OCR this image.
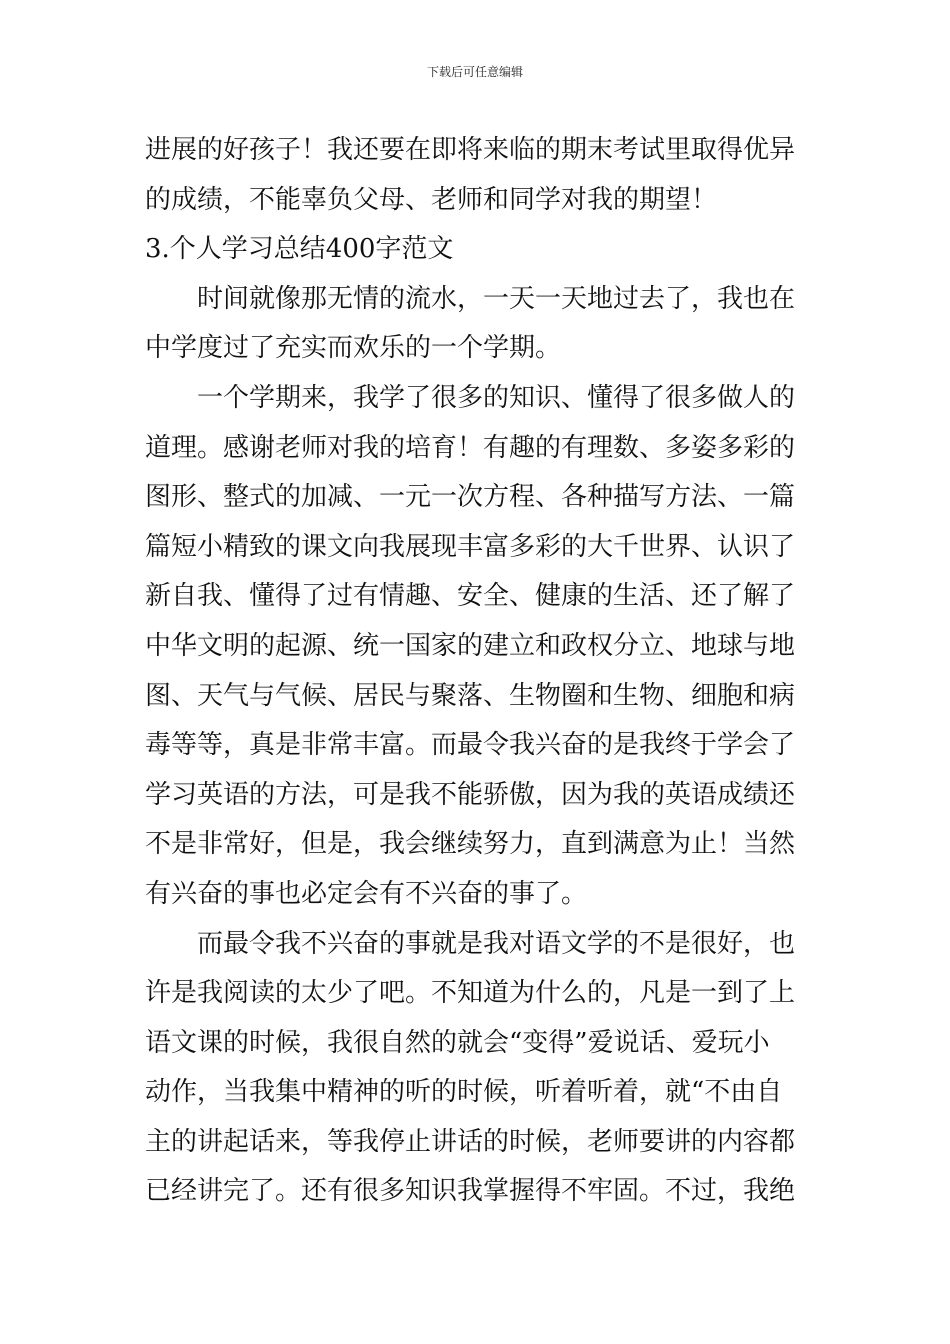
下载后可任意编辑
进展的好孩子！我还要在即将来临的期末考试里取得优异
的成绩，不能辜负父母、老师和同学对我的期望！
3.个人学习总结400字范文
时间就像那无情的流水，一天一天地过去了，我也在
中学度过了充实而欢乐的一个学期。
一个学期来，我学了很多的知识、懂得了很多做人的
道理。感谢老师对我的培育！有趣的有理数、多姿多彩的
图形、整式的加减、一元一次方程、各种描写方法、一篇
篇短小精致的课文向我展现丰富多彩的大千世界、认识了
新自我、懂得了过有情趣、安全、健康的生活、还了解了
中华文明的起源、统一国家的建立和政权分立、地球与地
图、天气与气候、居民与聚落、生物圈和生物、细胞和病
毒等等，真是非常丰富。而最令我兴奋的是我终于学会了
学习英语的方法，可是我不能骄傲，因为我的英语成绩还
不是非常好，但是，我会继续努力，直到满意为止！当然
有兴奋的事也必定会有不兴奋的事了。
而最令我不兴奋的事就是我对语文学的不是很好，也
许是我阅读的太少了吧。不知道为什么的，凡是一到了上
语文课的时候，我很自然的就会“变得”爱说话、爱玩小
动作，当我集中精神的听的时候，听着听着，就“不由自
主的讲起话来，等我停止讲话的时候，老师要讲的内容都
已经讲完了。还有很多知识我掌握得不牢固。不过，我绝
